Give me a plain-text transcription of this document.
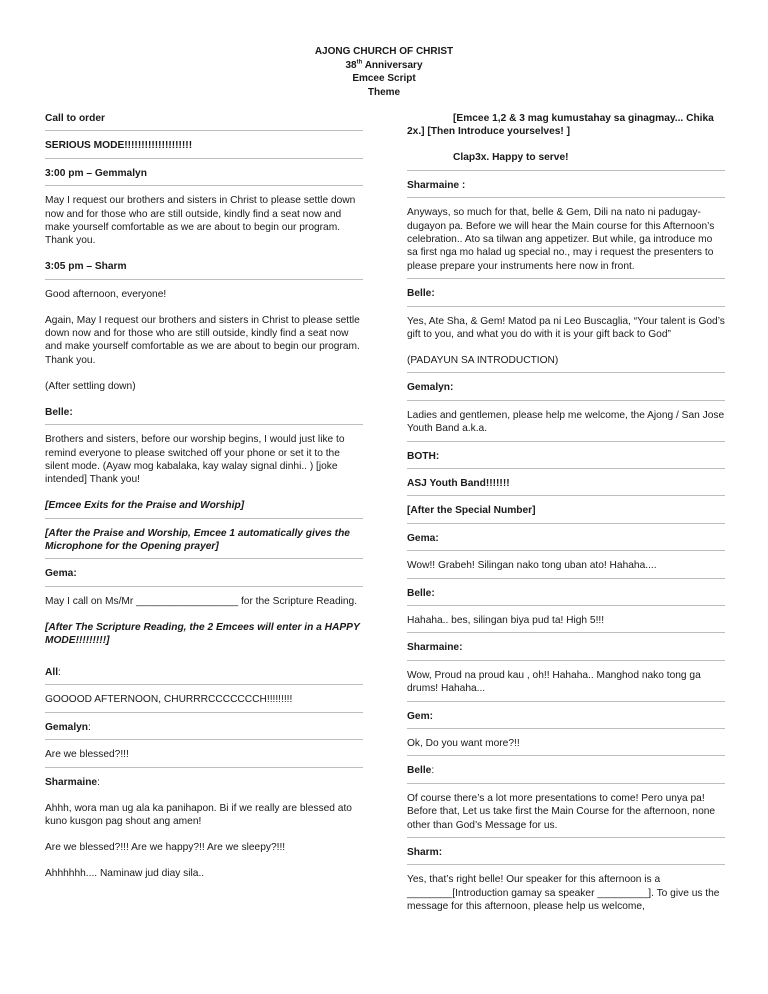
AJONG CHURCH OF CHRIST
38th Anniversary
Emcee Script
Theme

Call to order

SERIOUS MODE!!!!!!!!!!!!!!!!!!!!

3:00 pm – Gemmalyn

May I request our brothers and sisters in Christ to please settle down now and for those who are still outside, kindly find a seat now and make yourself comfortable as we are about to begin our program. Thank you.

3:05 pm – Sharm

Good afternoon, everyone!

Again, May I request our brothers and sisters in Christ to please settle down now and for those who are still outside, kindly find a seat now and make yourself comfortable as we are about to begin our program. Thank you.

(After settling down)

Belle:

Brothers and sisters, before our worship begins, I would just like to remind everyone to please switched off your phone or set it to the silent mode. (Ayaw mog kabalaka, kay walay signal dinhi.. ) [joke intended] Thank you!

[Emcee Exits for the Praise and Worship]

[After the Praise and Worship, Emcee 1 automatically gives the Microphone for the Opening prayer]

Gema:

May I call on Ms/Mr __________________ for the Scripture Reading.

[After The Scripture Reading, the 2 Emcees will enter in a HAPPY MODE!!!!!!!!!]

All:

GOOOOD AFTERNOON, CHURRRCCCCCCCH!!!!!!!!!

Gemalyn:

Are we blessed?!!!

Sharmaine:

Ahhh, wora man ug ala ka panihapon. Bi if we really are blessed ato kuno kusgon pag shout ang amen!

Are we blessed?!!! Are we happy?!! Are we sleepy?!!!

Ahhhhhh.... Naminaw jud diay sila..

[Emcee 1,2 & 3 mag kumustahay sa ginagmay... Chika 2x.] [Then Introduce yourselves! ]

Clap3x. Happy to serve!

Sharmaine :

Anyways, so much for that, belle & Gem, Dili na nato ni padugay-dugayon pa. Before we will hear the Main course for this Afternoon’s celebration.. Ato sa tilwan ang appetizer. But while, ga introduce mo sa first nga mo halad ug special no., may i request the presenters to please prepare your instruments here now in front.

Belle:

Yes, Ate Sha, & Gem! Matod pa ni Leo Buscaglia, “Your talent is God’s gift to you, and what you do with it is your gift back to God”

(PADAYUN SA INTRODUCTION)

Gemalyn:

Ladies and gentlemen, please help me welcome, the Ajong / San Jose Youth Band a.k.a.

BOTH:

ASJ Youth Band!!!!!!!

[After the Special Number]

Gema:

Wow!! Grabeh! Silingan nako tong uban ato! Hahaha....

Belle:

Hahaha.. bes, silingan biya pud ta! High 5!!!

Sharmaine:

Wow, Proud na proud kau , oh!! Hahaha.. Manghod nako tong ga drums! Hahaha...

Gem:

Ok, Do you want more?!!

Belle:

Of course there’s a lot more presentations to come! Pero unya pa! Before that, Let us take first the Main Course for the afternoon, none other than God’s Message for us.

Sharm:

Yes, that’s right belle! Our speaker for this afternoon is a ________[Introduction gamay sa speaker _________]. To give us the message for this afternoon, please help us welcome,
